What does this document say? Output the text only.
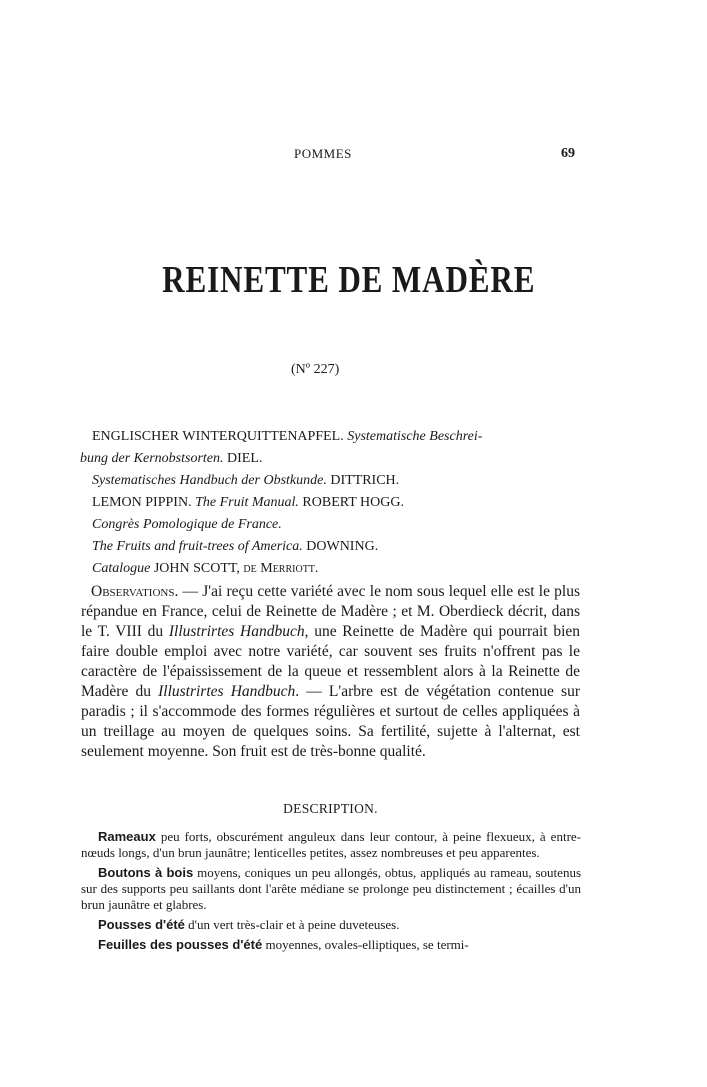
POMMES	69
REINETTE DE MADÈRE
(Nº 227)
ENGLISCHER WINTERQUITTENAPFEL. Systematische Beschrei-
bung der Kernobstsorten. DIEL.
Systematisches Handbuch der Obstkunde. DITTRICH.
LEMON PIPPIN. The Fruit Manual. ROBERT HOGG.
Congrès Pomologique de France.
The Fruits and fruit-trees of America. DOWNING.
Catalogue JOHN SCOTT, de Merriott.

Observations. — J'ai reçu cette variété avec le nom sous lequel elle est le plus répandue en France, celui de Reinette de Madère ; et M. Oberdieck décrit, dans le T. VIII du Illustrirtes Handbuch, une Reinette de Madère qui pourrait bien faire double emploi avec notre variété, car souvent ses fruits n'offrent pas le caractère de l'épaississement de la queue et ressemblent alors à la Reinette de Madère du Illustrirtes Handbuch. — L'arbre est de végétation contenue sur paradis ; il s'accommode des formes régulières et surtout de celles appliquées à un treillage au moyen de quelques soins. Sa fertilité, sujette à l'alternat, est seulement moyenne. Son fruit est de très-bonne qualité.

DESCRIPTION.

Rameaux peu forts, obscurément anguleux dans leur contour, à peine flexueux, à entre-nœuds longs, d'un brun jaunâtre; lenticelles petites, assez nombreuses et peu apparentes.

Boutons à bois moyens, coniques un peu allongés, obtus, appliqués au rameau, soutenus sur des supports peu saillants dont l'arête médiane se prolonge peu distinctement ; écailles d'un brun jaunâtre et glabres.

Pousses d'été d'un vert très-clair et à peine duveteuses.

Feuilles des pousses d'été moyennes, ovales-elliptiques, se termi-
